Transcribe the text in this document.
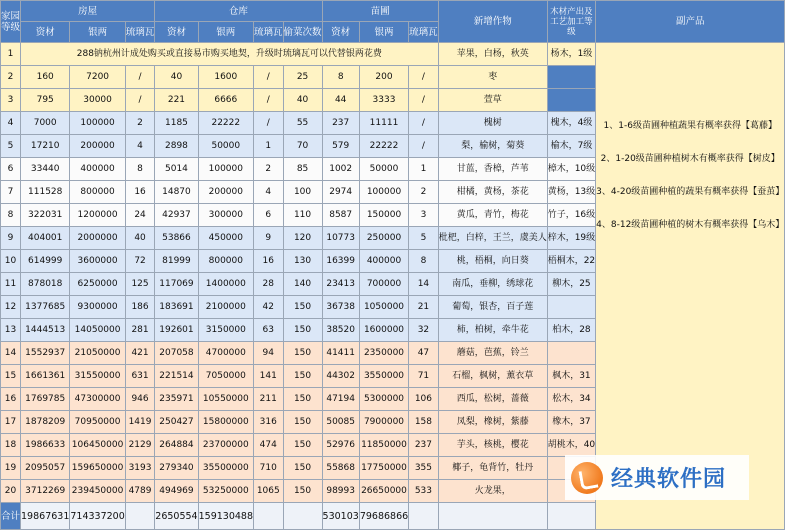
家园等级	房屋			仓库				苗圃			新增作物	木材产出及工艺加工等级	副产品
	资材	银两	琉璃瓦	资材	银两	琉璃瓦	偷菜次数	资材	银两	琉璃瓦			
1	288钠杭州计成处购买或直接易市购买地契，升级时琉璃瓦可以代替银两花费										苹果，白杨，秋英	杨木，1级	1、1-6级苗圃种植蔬果有概率获得【葛藤】

2、1-20级苗圃种植树木有概率获得【树皮】

3、4-20级苗圃种植的蔬果有概率获得【蚕茧】

4、8-12级苗圃种植的树木有概率获得【乌木】

2	160	7200	/	40	1600	/	25	8	200	/	枣		
3	795	30000	/	221	6666	/	40	44	3333	/	萱草		
4	7000	100000	2	1185	22222	/	55	237	11111	/	槐树	槐木，4级	
5	17210	200000	4	2898	50000	1	70	579	22222	/	梨，榆树，菊葵	榆木，7级	
6	33440	400000	8	5014	100000	2	85	1002	50000	1	甘蓝，香樟，芦苇	樟木，10级	
7	111528	800000	16	14870	200000	4	100	2974	100000	2	柑橘，黄杨，茶花	黄杨，13级	
8	322031	1200000	24	42937	300000	6	110	8587	150000	3	黄瓜，青竹，梅花	竹子，16级	
9	404001	2000000	40	53866	450000	9	120	10773	250000	5	枇杷，白梓，王兰，虞美人	梓木，19级	
10	614999	3600000	72	81999	800000	16	130	16399	400000	8	桃，梧桐，向日葵	梧桐木，22	
11	878018	6250000	125	117069	1400000	28	140	23413	700000	14	南瓜，垂柳，绣球花	柳木，25	
12	1377685	9300000	186	183691	2100000	42	150	36738	1050000	21	葡萄，银杏，百子莲		
13	1444513	14050000	281	192601	3150000	63	150	38520	1600000	32	柿，柏树，牵牛花	柏木，28	
14	1552937	21050000	421	207058	4700000	94	150	41411	2350000	47	蘑菇，芭蕉，铃兰		
15	1661361	31550000	631	221514	7050000	141	150	44302	3550000	71	石榴，枫树，薰衣草	枫木，31	
16	1769785	47300000	946	235971	10550000	211	150	47194	5300000	106	西瓜，松树，蔷薇	松木，34	
17	1878209	70950000	1419	250427	15800000	316	150	50085	7900000	158	凤梨，橡树，紫藤	橡木，37	
18	1986633	106450000	2129	264884	23700000	474	150	52976	11850000	237	芋头，核桃，樱花	胡桃木，40	
19	2095057	159650000	3193	279340	35500000	710	150	55868	17750000	355	椰子，龟背竹，牡丹		
20	3712269	239450000	4789	494969	53250000	1065	150	98993	26650000	533	火龙果，		
合计	19867631	714337200		2650554	159130488			530103	79686866				
经典软件园
